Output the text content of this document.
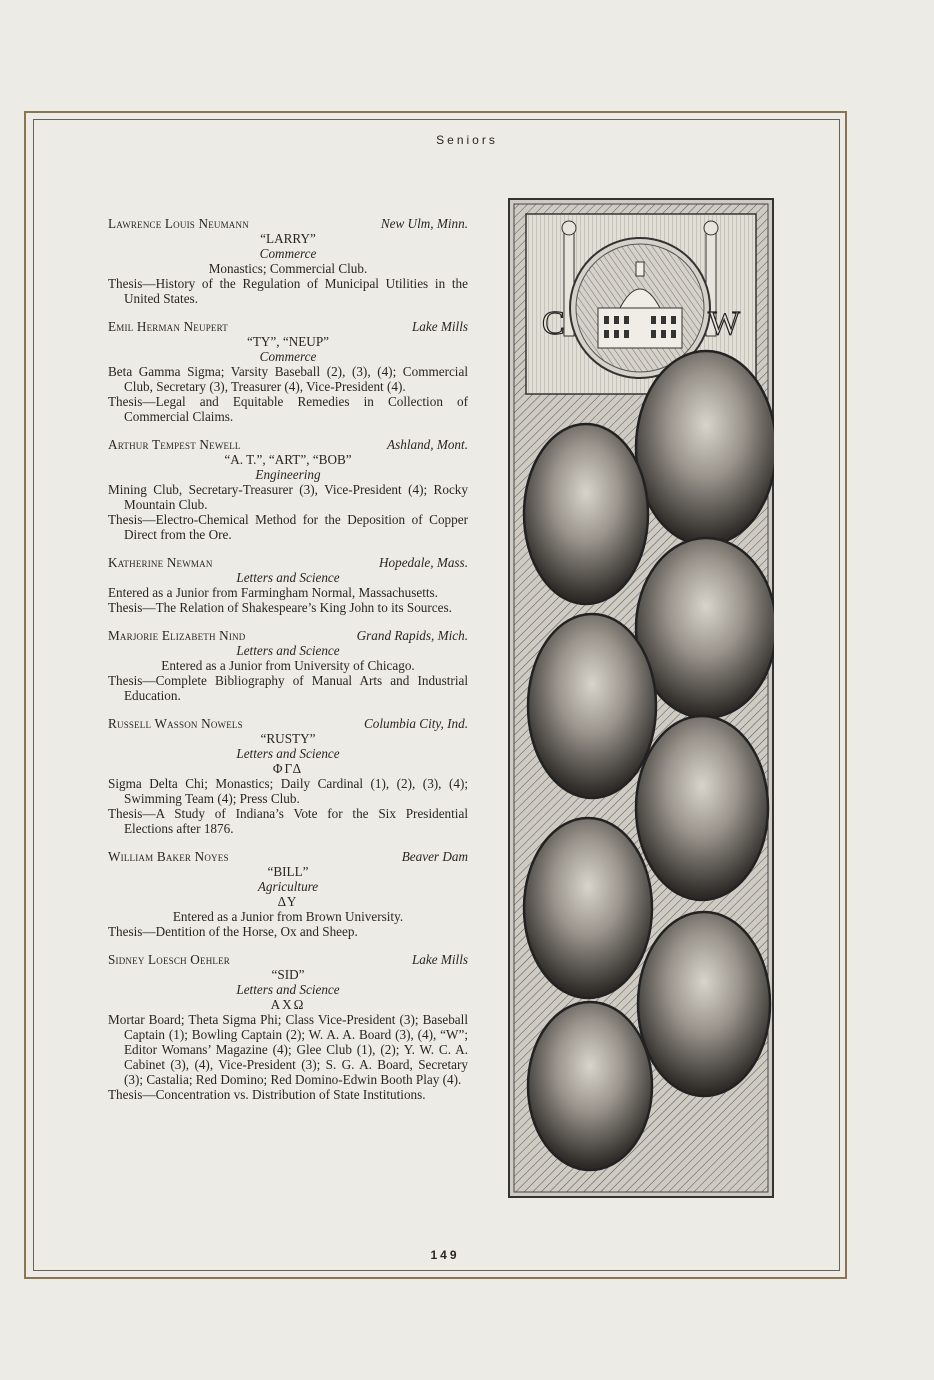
Seniors
Lawrence Louis Neumann	New Ulm, Minn.
“LARRY”
Commerce
Monastics; Commercial Club.
Thesis—History of the Regulation of Municipal Utilities in the United States.
Emil Herman Neupert	Lake Mills
“TY”, “NEUP”
Commerce
Beta Gamma Sigma; Varsity Baseball (2), (3), (4); Commercial Club, Secretary (3), Treasurer (4), Vice-President (4).
Thesis—Legal and Equitable Remedies in Collection of Commercial Claims.
Arthur Tempest Newell	Ashland, Mont.
“A. T.”, “ART”, “BOB”
Engineering
Mining Club, Secretary-Treasurer (3), Vice-President (4); Rocky Mountain Club.
Thesis—Electro-Chemical Method for the Deposition of Copper Direct from the Ore.
Katherine Newman	Hopedale, Mass.
Letters and Science
Entered as a Junior from Farmingham Normal, Massachusetts.
Thesis—The Relation of Shakespeare’s King John to its Sources.
Marjorie Elizabeth Nind	Grand Rapids, Mich.
Letters and Science
Entered as a Junior from University of Chicago.
Thesis—Complete Bibliography of Manual Arts and Industrial Education.
Russell Wasson Nowels	Columbia City, Ind.
“RUSTY”
Letters and Science
ΦΓΔ
Sigma Delta Chi; Monastics; Daily Cardinal (1), (2), (3), (4); Swimming Team (4); Press Club.
Thesis—A Study of Indiana’s Vote for the Six Presidential Elections after 1876.
William Baker Noyes	Beaver Dam
“BILL”
Agriculture
ΔΥ
Entered as a Junior from Brown University.
Thesis—Dentition of the Horse, Ox and Sheep.
Sidney Loesch Oehler	Lake Mills
“SID”
Letters and Science
ΑΧΩ
Mortar Board; Theta Sigma Phi; Class Vice-President (3); Baseball Captain (1); Bowling Captain (2); W. A. A. Board (3), (4), “W”; Editor Womans’ Magazine (4); Glee Club (1), (2); Y. W. C. A. Cabinet (3), (4), Vice-President (3); S. G. A. Board, Secretary (3); Castalia; Red Domino; Red Domino-Edwin Booth Play (4).
Thesis—Concentration vs. Distribution of State Institutions.
C	W
149
